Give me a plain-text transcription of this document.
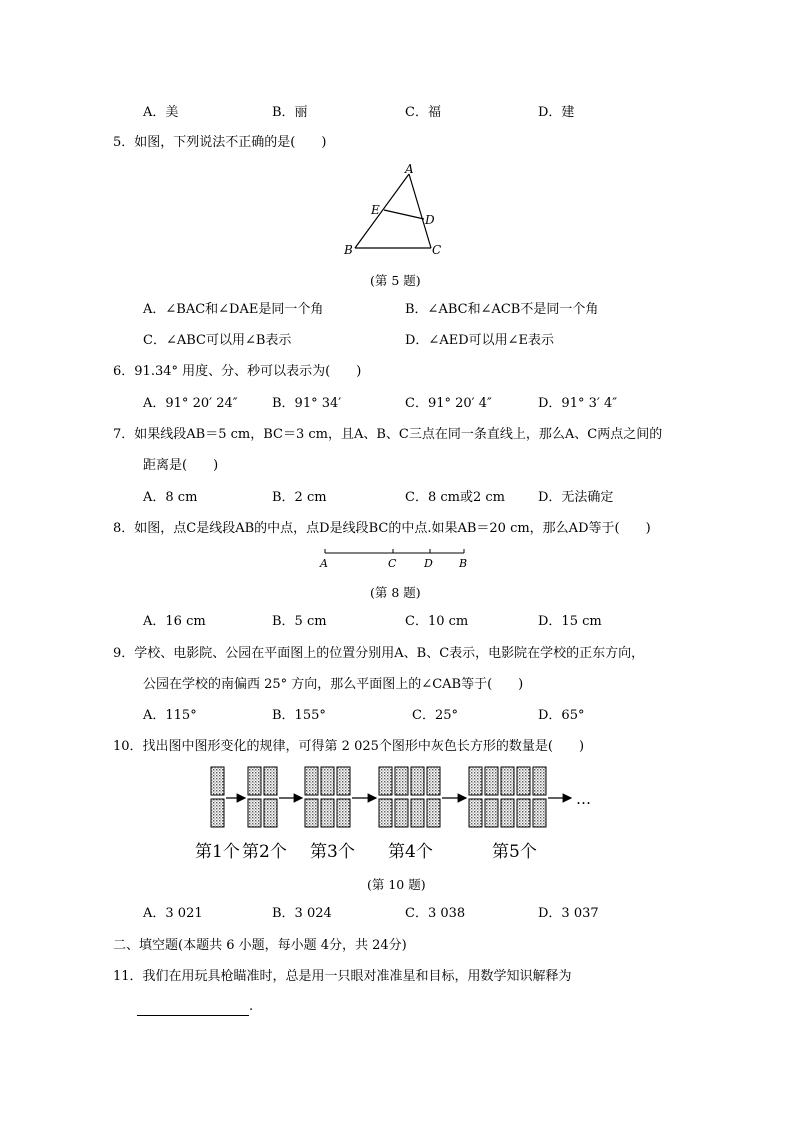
A．美	B．丽	C．福	D．建
5．如图，下列说法不正确的是(　　)
A
E
D
B	C
(第 5 题)
A．∠BAC和∠DAE是同一个角	B．∠ABC和∠ACB不是同一个角
C．∠ABC可以用∠B表示	D．∠AED可以用∠E表示
6．91.34° 用度、分、秒可以表示为(　　)
A．91° 20′ 24″	B．91° 34′	C．91° 20′ 4″	D．91° 3′ 4″
7．如果线段AB＝5 cm，BC＝3 cm，且A、B、C三点在同一条直线上，那么A、C两点之间的
距离是(　　)
A．8 cm	B．2 cm	C．8 cm或2 cm	D．无法确定
8．如图，点C是线段AB的中点，点D是线段BC的中点.如果AB＝20 cm，那么AD等于(　　)
A	C	D B
(第 8 题)
A．16 cm	B．5 cm	C．10 cm	D．15 cm
9．学校、电影院、公园在平面图上的位置分别用A、B、C表示，电影院在学校的正东方向，
公园在学校的南偏西 25° 方向，那么平面图上的∠CAB等于(　　)
A．115°	B．155°	C．25°	D．65°
10．找出图中图形变化的规律，可得第 2 025个图形中灰色长方形的数量是(　　)
第1个 第2个 第3个 第4个	第5个
…
(第 10 题)
A．3 021	B．3 024	C．3 038	D．3 037
二、填空题(本题共 6 小题，每小题 4分，共 24分)
11．我们在用玩具枪瞄准时，总是用一只眼对准准星和目标，用数学知识解释为
.
